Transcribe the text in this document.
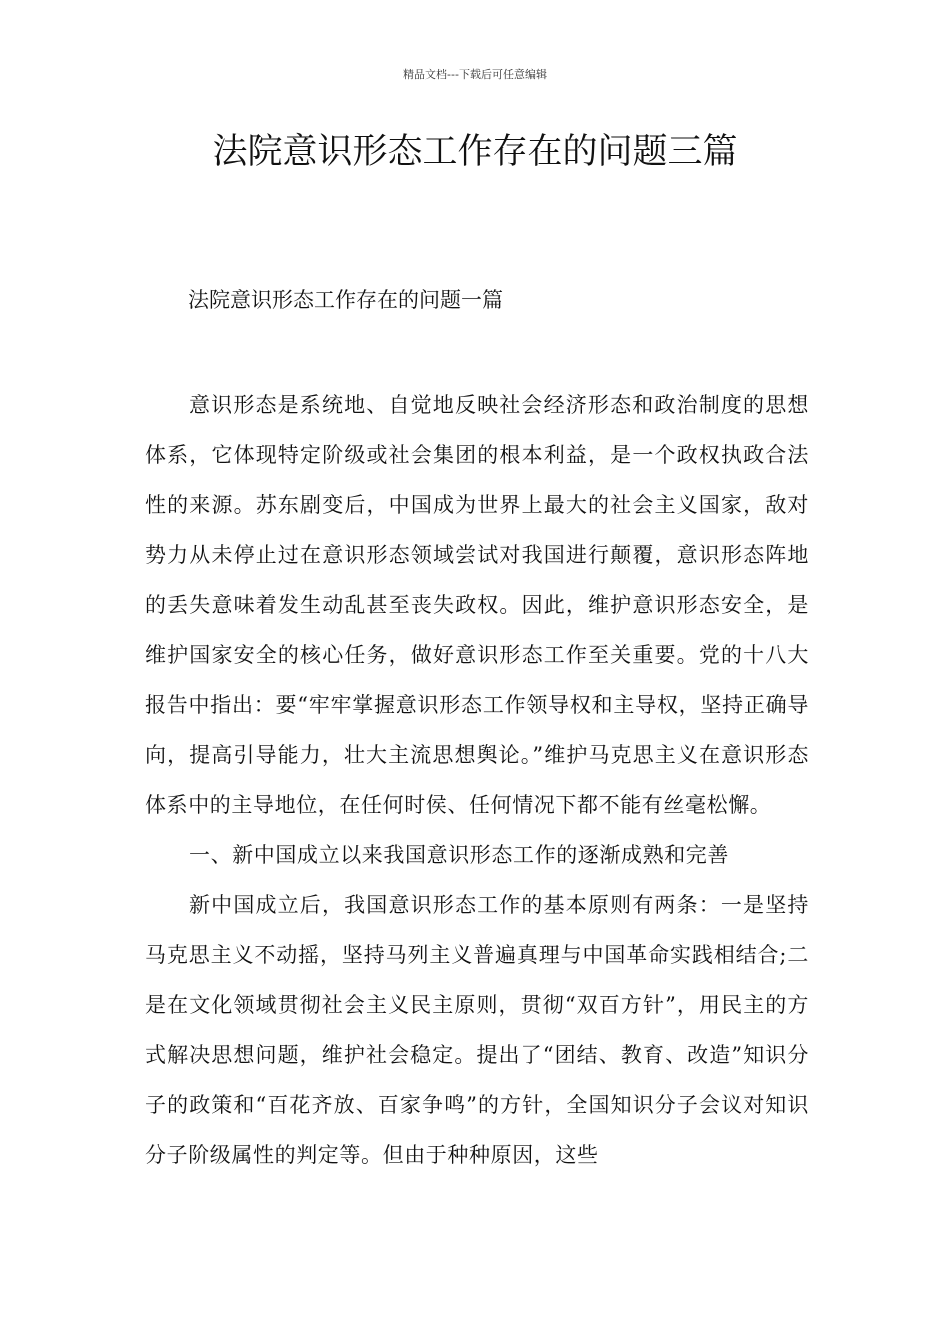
精品文档---下载后可任意编辑
法院意识形态工作存在的问题三篇
法院意识形态工作存在的问题一篇

意识形态是系统地、自觉地反映社会经济形态和政治制度的思想体系，它体现特定阶级或社会集团的根本利益，是一个政权执政合法性的来源。苏东剧变后，中国成为世界上最大的社会主义国家，敌对势力从未停止过在意识形态领域尝试对我国进行颠覆，意识形态阵地的丢失意味着发生动乱甚至丧失政权。因此，维护意识形态安全，是维护国家安全的核心任务，做好意识形态工作至关重要。党的十八大报告中指出：要“牢牢掌握意识形态工作领导权和主导权，坚持正确导向，提高引导能力，壮大主流思想舆论。”维护马克思主义在意识形态体系中的主导地位，在任何时侯、任何情况下都不能有丝毫松懈。

一、新中国成立以来我国意识形态工作的逐渐成熟和完善

新中国成立后，我国意识形态工作的基本原则有两条：一是坚持马克思主义不动摇，坚持马列主义普遍真理与中国革命实践相结合;二是在文化领域贯彻社会主义民主原则，贯彻“双百方针”，用民主的方式解决思想问题，维护社会稳定。提出了“团结、教育、改造”知识分子的政策和“百花齐放、百家争鸣”的方针，全国知识分子会议对知识分子阶级属性的判定等。但由于种种原因，这些
